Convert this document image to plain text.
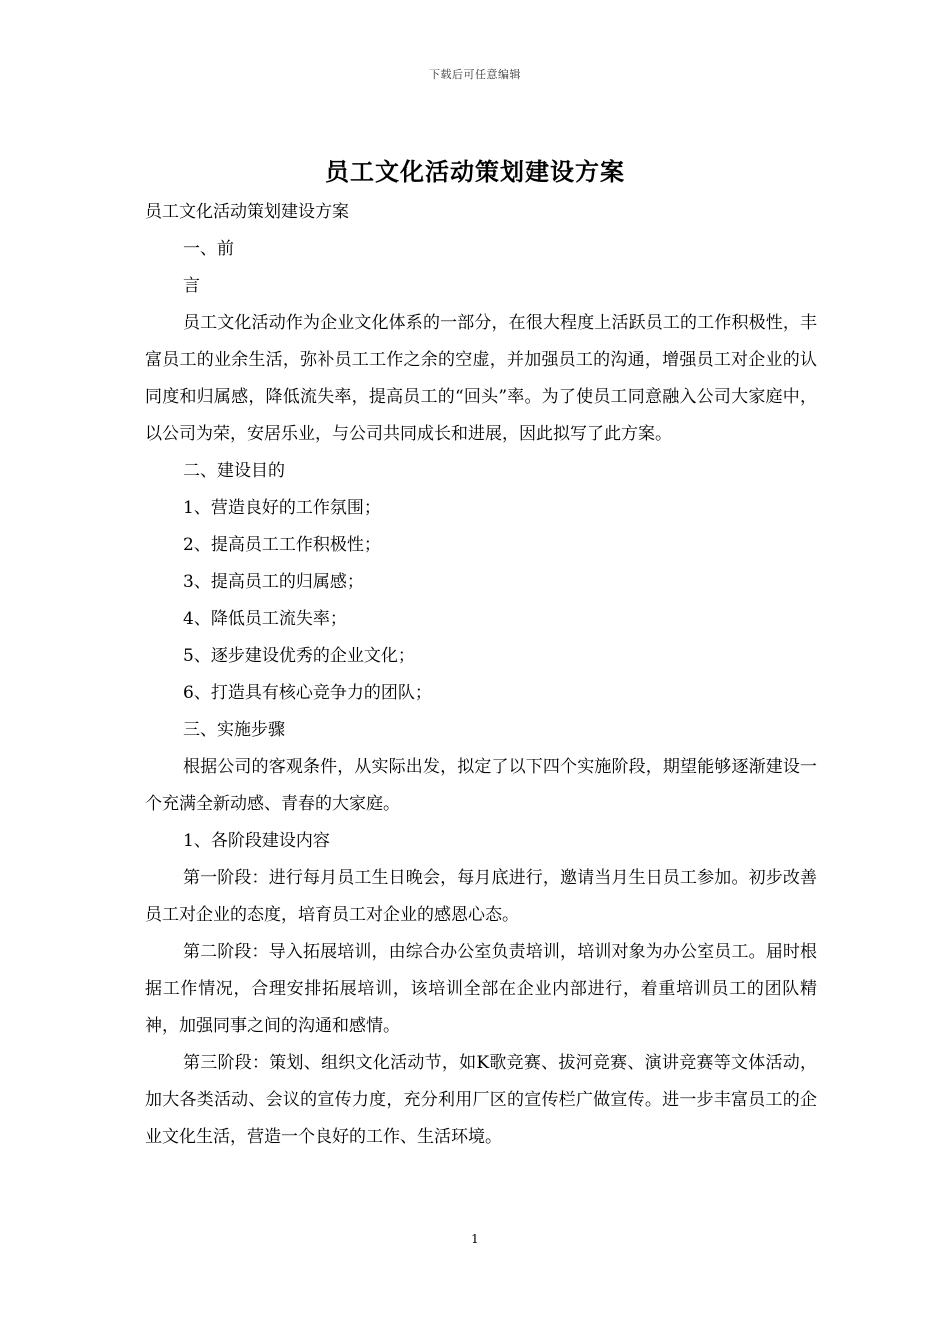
下载后可任意编辑
员工文化活动策划建设方案

员工文化活动策划建设方案

一、前

言

员工文化活动作为企业文化体系的一部分，在很大程度上活跃员工的工作积极性，丰富员工的业余生活，弥补员工工作之余的空虚，并加强员工的沟通，增强员工对企业的认同度和归属感，降低流失率，提高员工的“回头”率。为了使员工同意融入公司大家庭中，以公司为荣，安居乐业，与公司共同成长和进展，因此拟写了此方案。

二、建设目的

1、营造良好的工作氛围；

2、提高员工工作积极性；

3、提高员工的归属感；

4、降低员工流失率；

5、逐步建设优秀的企业文化；

6、打造具有核心竞争力的团队；

三、实施步骤

根据公司的客观条件，从实际出发，拟定了以下四个实施阶段，期望能够逐渐建设一个充满全新动感、青春的大家庭。

1、各阶段建设内容

第一阶段：进行每月员工生日晚会，每月底进行，邀请当月生日员工参加。初步改善员工对企业的态度，培育员工对企业的感恩心态。

第二阶段：导入拓展培训，由综合办公室负责培训，培训对象为办公室员工。届时根据工作情况，合理安排拓展培训，该培训全部在企业内部进行，着重培训员工的团队精神，加强同事之间的沟通和感情。

第三阶段：策划、组织文化活动节，如K歌竞赛、拔河竞赛、演讲竞赛等文体活动，加大各类活动、会议的宣传力度，充分利用厂区的宣传栏广做宣传。进一步丰富员工的企业文化生活，营造一个良好的工作、生活环境。

1
